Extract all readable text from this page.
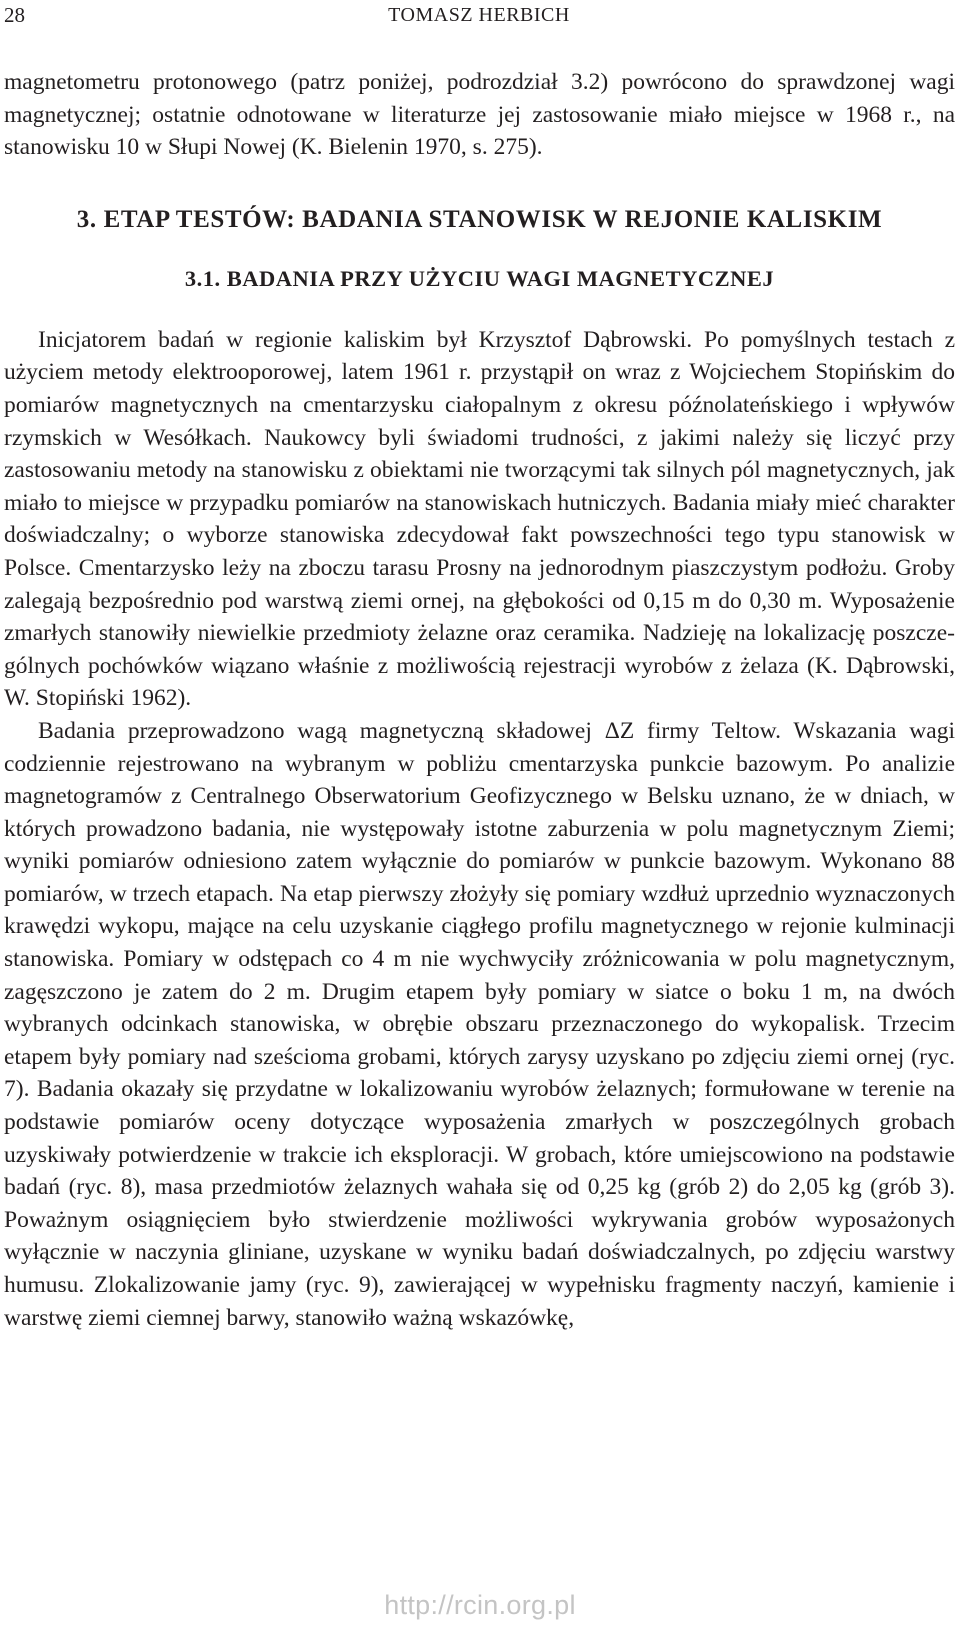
28	TOMASZ HERBICH

magnetometru protonowego (patrz poniżej, podrozdział 3.2) powrócono do sprawdzonej wagi magnetycznej; ostatnie odnotowane w literaturze jej zastosowanie miało miejsce w 1968 r., na stanowisku 10 w Słupi Nowej (K. Bielenin 1970, s. 275).

3. ETAP TESTÓW: BADANIA STANOWISK W REJONIE KALISKIM
3.1. BADANIA PRZY UŻYCIU WAGI MAGNETYCZNEJ

Inicjatorem badań w regionie kaliskim był Krzysztof Dąbrowski. Po pomyślnych testach z użyciem metody elektrooporowej, latem 1961 r. przystąpił on wraz z Wojciechem Stopińskim do pomiarów magnetycznych na cmentarzysku ciałopalnym z okresu późnolateńskiego i wpływów rzymskich w Wesółkach. Naukowcy byli świadomi trudności, z jakimi należy się liczyć przy zastosowaniu metody na stanowisku z obiektami nie tworzącymi tak silnych pól magnetycznych, jak miało to miejsce w przypadku pomiarów na stanowiskach hutniczych. Badania miały mieć charakter doświadczalny; o wyborze stanowiska zdecydował fakt powszechności tego typu stanowisk w Polsce. Cmentarzysko leży na zboczu tarasu Prosny na jednorodnym piaszczystym podłożu. Groby zalegają bezpośrednio pod warstwą ziemi ornej, na głębokości od 0,15 m do 0,30 m. Wyposażenie zmarłych stanowiły niewielkie przedmioty żelazne oraz ceramika. Nadzieję na lokalizację poszczególnych pochówków wiązano właśnie z możliwością rejestracji wyrobów z żelaza (K. Dąbrowski, W. Stopiński 1962).

Badania przeprowadzono wagą magnetyczną składowej ΔZ firmy Teltow. Wskazania wagi codziennie rejestrowano na wybranym w pobliżu cmentarzyska punkcie bazowym. Po analizie magnetogramów z Centralnego Obserwatorium Geofizycznego w Belsku uznano, że w dniach, w których prowadzono badania, nie występowały istotne zaburzenia w polu magnetycznym Ziemi; wyniki pomiarów odniesiono zatem wyłącznie do pomiarów w punkcie bazowym. Wykonano 88 pomiarów, w trzech etapach. Na etap pierwszy złożyły się pomiary wzdłuż uprzednio wyznaczonych krawędzi wykopu, mające na celu uzyskanie ciągłego profilu magnetycznego w rejonie kulminacji stanowiska. Pomiary w odstępach co 4 m nie wychwyciły zróżnicowania w polu magnetycznym, zagęszczono je zatem do 2 m. Drugim etapem były pomiary w siatce o boku 1 m, na dwóch wybranych odcinkach stanowiska, w obrębie obszaru przeznaczonego do wykopalisk. Trzecim etapem były pomiary nad sześcioma grobami, których zarysy uzyskano po zdjęciu ziemi ornej (ryc. 7). Badania okazały się przydatne w lokalizowaniu wyrobów żelaznych; formułowane w terenie na podstawie pomiarów oceny dotyczące wyposażenia zmarłych w poszczególnych grobach uzyskiwały potwierdzenie w trakcie ich eksploracji. W grobach, które umiejscowiono na podstawie badań (ryc. 8), masa przedmiotów żelaznych wahała się od 0,25 kg (grób 2) do 2,05 kg (grób 3). Poważnym osiągnięciem było stwierdzenie możliwości wykrywania grobów wyposażonych wyłącznie w naczynia gliniane, uzyskane w wyniku badań doświadczalnych, po zdjęciu warstwy humusu. Zlokalizowanie jamy (ryc. 9), zawierającej w wypełnisku fragmenty naczyń, kamienie i warstwę ziemi ciemnej barwy, stanowiło ważną wskazówkę,

http://rcin.org.pl
